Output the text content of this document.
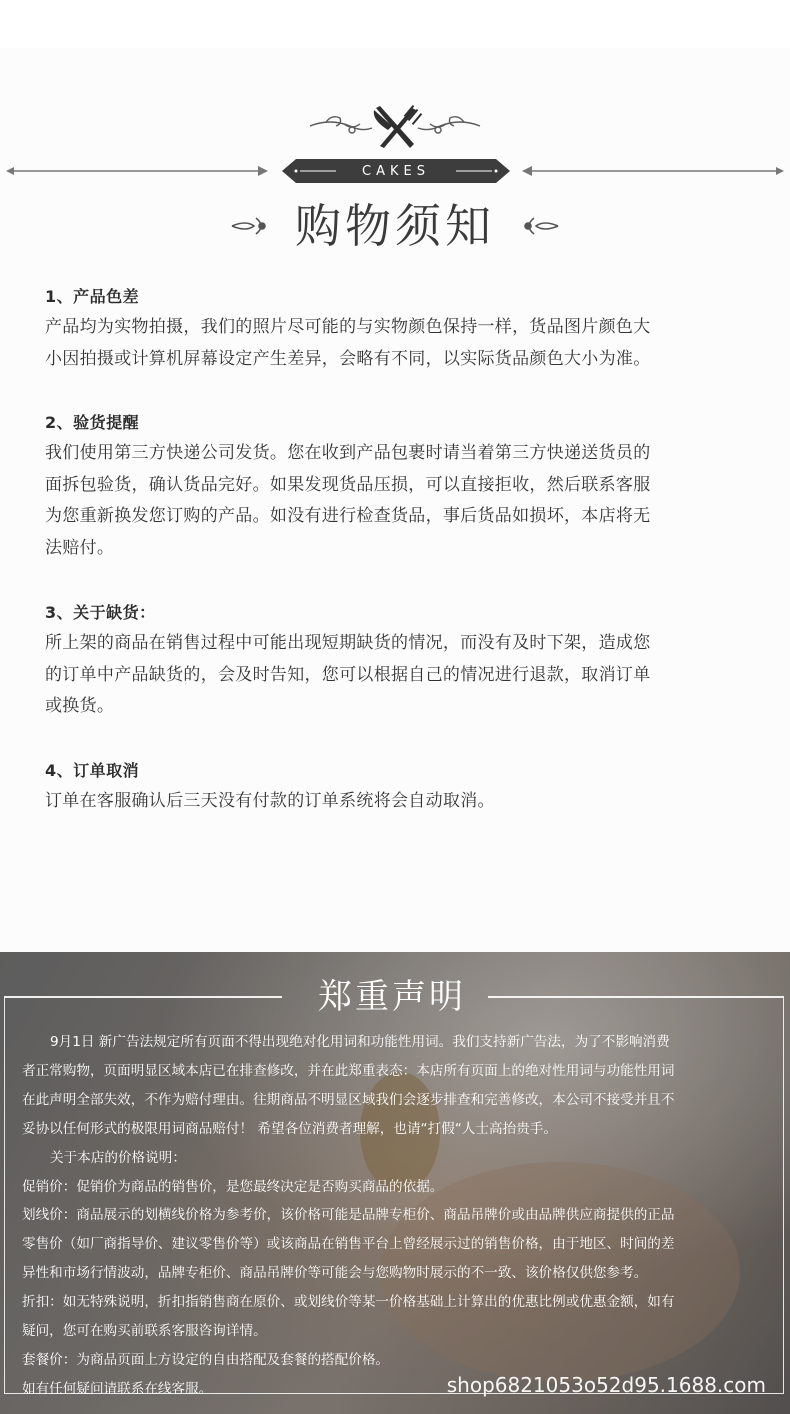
CAKES
购物须知
1、产品色差
产品均为实物拍摄，我们的照片尽可能的与实物颜色保持一样，货品图片颜色大
小因拍摄或计算机屏幕设定产生差异，会略有不同，以实际货品颜色大小为准。
2、验货提醒
我们使用第三方快递公司发货。您在收到产品包裹时请当着第三方快递送货员的
面拆包验货，确认货品完好。如果发现货品压损，可以直接拒收，然后联系客服
为您重新换发您订购的产品。如没有进行检查货品，事后货品如损坏，本店将无
法赔付。
3、关于缺货：
所上架的商品在销售过程中可能出现短期缺货的情况，而没有及时下架，造成您
的订单中产品缺货的，会及时告知，您可以根据自己的情况进行退款，取消订单
或换货。
4、订单取消
订单在客服确认后三天没有付款的订单系统将会自动取消。
郑重声明

9月1日 新广告法规定所有页面不得出现绝对化用词和功能性用词。我们支持新广告法，为了不影响消费

者正常购物，页面明显区域本店已在排查修改，并在此郑重表态：本店所有页面上的绝对性用词与功能性用词

在此声明全部失效，不作为赔付理由。往期商品不明显区域我们会逐步排查和完善修改，本公司不接受并且不

妥协以任何形式的极限用词商品赔付！ 希望各位消费者理解，也请“打假“人士高抬贵手。

关于本店的价格说明：

促销价：促销价为商品的销售价，是您最终决定是否购买商品的依据。

划线价：商品展示的划横线价格为参考价，该价格可能是品牌专柜价、商品吊牌价或由品牌供应商提供的正品

零售价（如厂商指导价、建议零售价等）或该商品在销售平台上曾经展示过的销售价格，由于地区、时间的差

异性和市场行情波动，品牌专柜价、商品吊牌价等可能会与您购物时展示的不一致、该价格仅供您参考。

折扣：如无特殊说明，折扣指销售商在原价、或划线价等某一价格基础上计算出的优惠比例或优惠金额，如有

疑问，您可在购买前联系客服咨询详情。

套餐价：为商品页面上方设定的自由搭配及套餐的搭配价格。

如有任何疑问请联系在线客服。	shop6821053o52d95.1688.com
